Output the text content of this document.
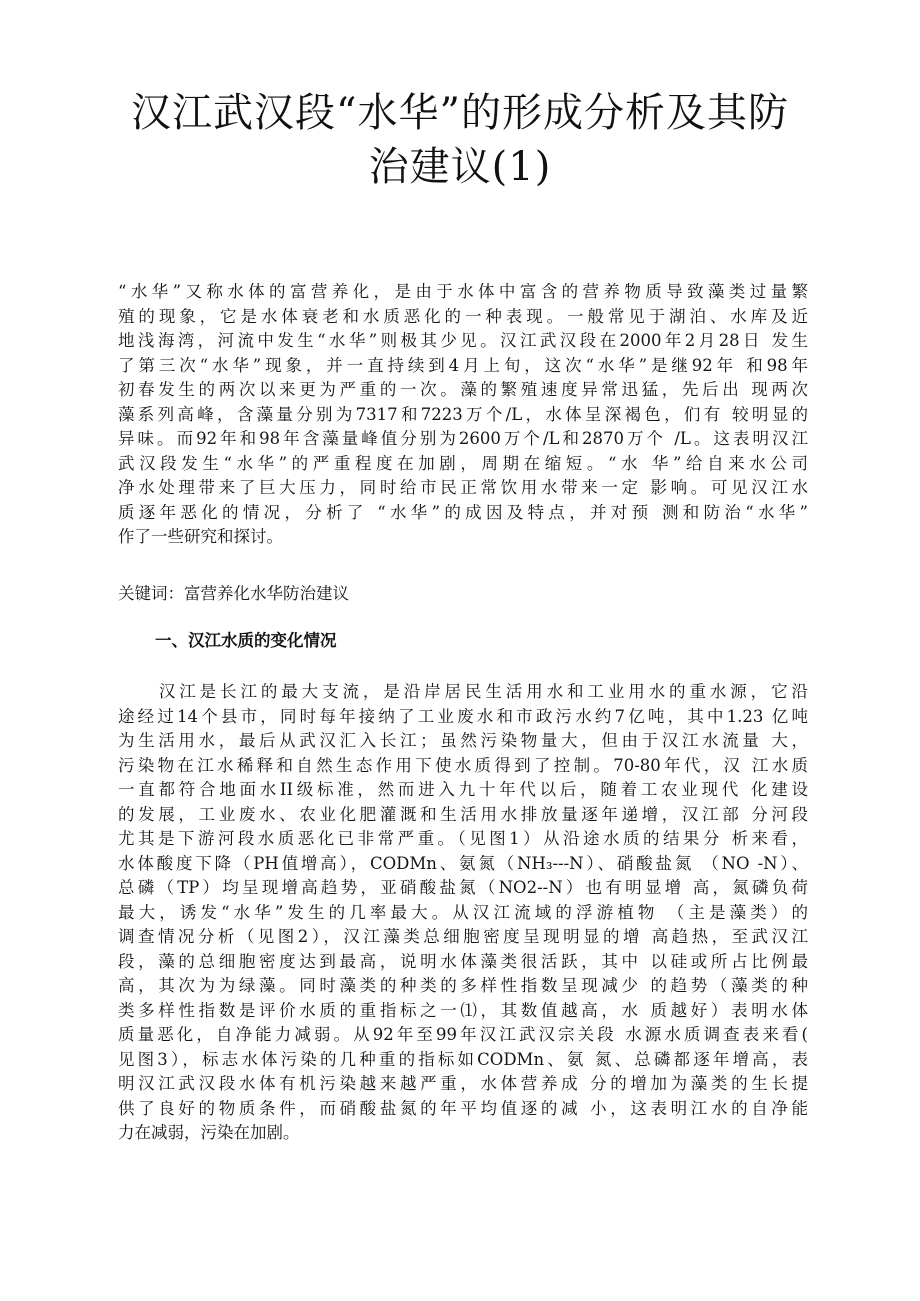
汉江武汉段“水华”的形成分析及其防
治建议(1)
“水华”又称水体的富营养化，是由于水体中富含的营养物质导致藻类过量繁
殖的现象，它是水体衰老和水质恶化的一种表现。一般常见于湖泊、水库及近
地浅海湾，河流中发生“水华”则极其少见。汉江武汉段在2000年2月28日 发生
了第三次“水华”现象，并一直持续到4月上旬，这次“水华”是继92年 和98年
初春发生的两次以来更为严重的一次。藻的繁殖速度异常迅猛，先后出 现两次
藻系列高峰，含藻量分别为7317和7223万个/L，水体呈深褐色，们有 较明显的
异味。而92年和98年含藻量峰值分别为2600万个/L和2870万个 /L。这表明汉江
武汉段发生“水华”的严重程度在加剧，周期在缩短。“水 华”给自来水公司
净水处理带来了巨大压力，同时给市民正常饮用水带来一定 影响。可见汉江水
质逐年恶化的情况，分析了 “水华”的成因及特点，并对预 测和防治“水华”
作了一些研究和探讨。
关键词：富营养化水华防治建议
一、汉江水质的变化情况
　　汉江是长江的最大支流，是沿岸居民生活用水和工业用水的重水源，它沿
途经过14个县市，同时每年接纳了工业废水和市政污水约7亿吨，其中1.23 亿吨
为生活用水，最后从武汉汇入长江；虽然污染物量大，但由于汉江水流量 大，
污染物在江水稀释和自然生态作用下使水质得到了控制。70-80年代，汉 江水质
一直都符合地面水II级标准，然而进入九十年代以后，随着工农业现代 化建设
的发展，工业废水、农业化肥灌溉和生活用水排放量逐年递增，汉江部 分河段
尤其是下游河段水质恶化已非常严重。（见图1）从沿途水质的结果分 析来看，
水体酸度下降（PH值增高），CODMn、氨氮（NH₃---N）、硝酸盐氮 （NO -N）、
总磷（TP）均呈现增高趋势，亚硝酸盐氮（NO2--N）也有明显增 高，氮磷负荷
最大，诱发“水华”发生的几率最大。从汉江流域的浮游植物 （主是藻类）的
调查情况分析（见图2），汉江藻类总细胞密度呈现明显的增 高趋热，至武汉江
段，藻的总细胞密度达到最高，说明水体藻类很活跃，其中 以硅或所占比例最
高，其次为为绿藻。同时藻类的种类的多样性指数呈现减少 的趋势（藻类的种
类多样性指数是评价水质的重指标之一⑴，其数值越高，水 质越好）表明水体
质量恶化，自净能力减弱。从92年至99年汉江武汉宗关段 水源水质调查表来看(
见图3），标志水体污染的几种重的指标如CODMn、氨 氮、总磷都逐年增高，表
明汉江武汉段水体有机污染越来越严重，水体营养成 分的增加为藻类的生长提
供了良好的物质条件，而硝酸盐氮的年平均值逐的减 小，这表明江水的自净能
力在减弱，污染在加剧。
